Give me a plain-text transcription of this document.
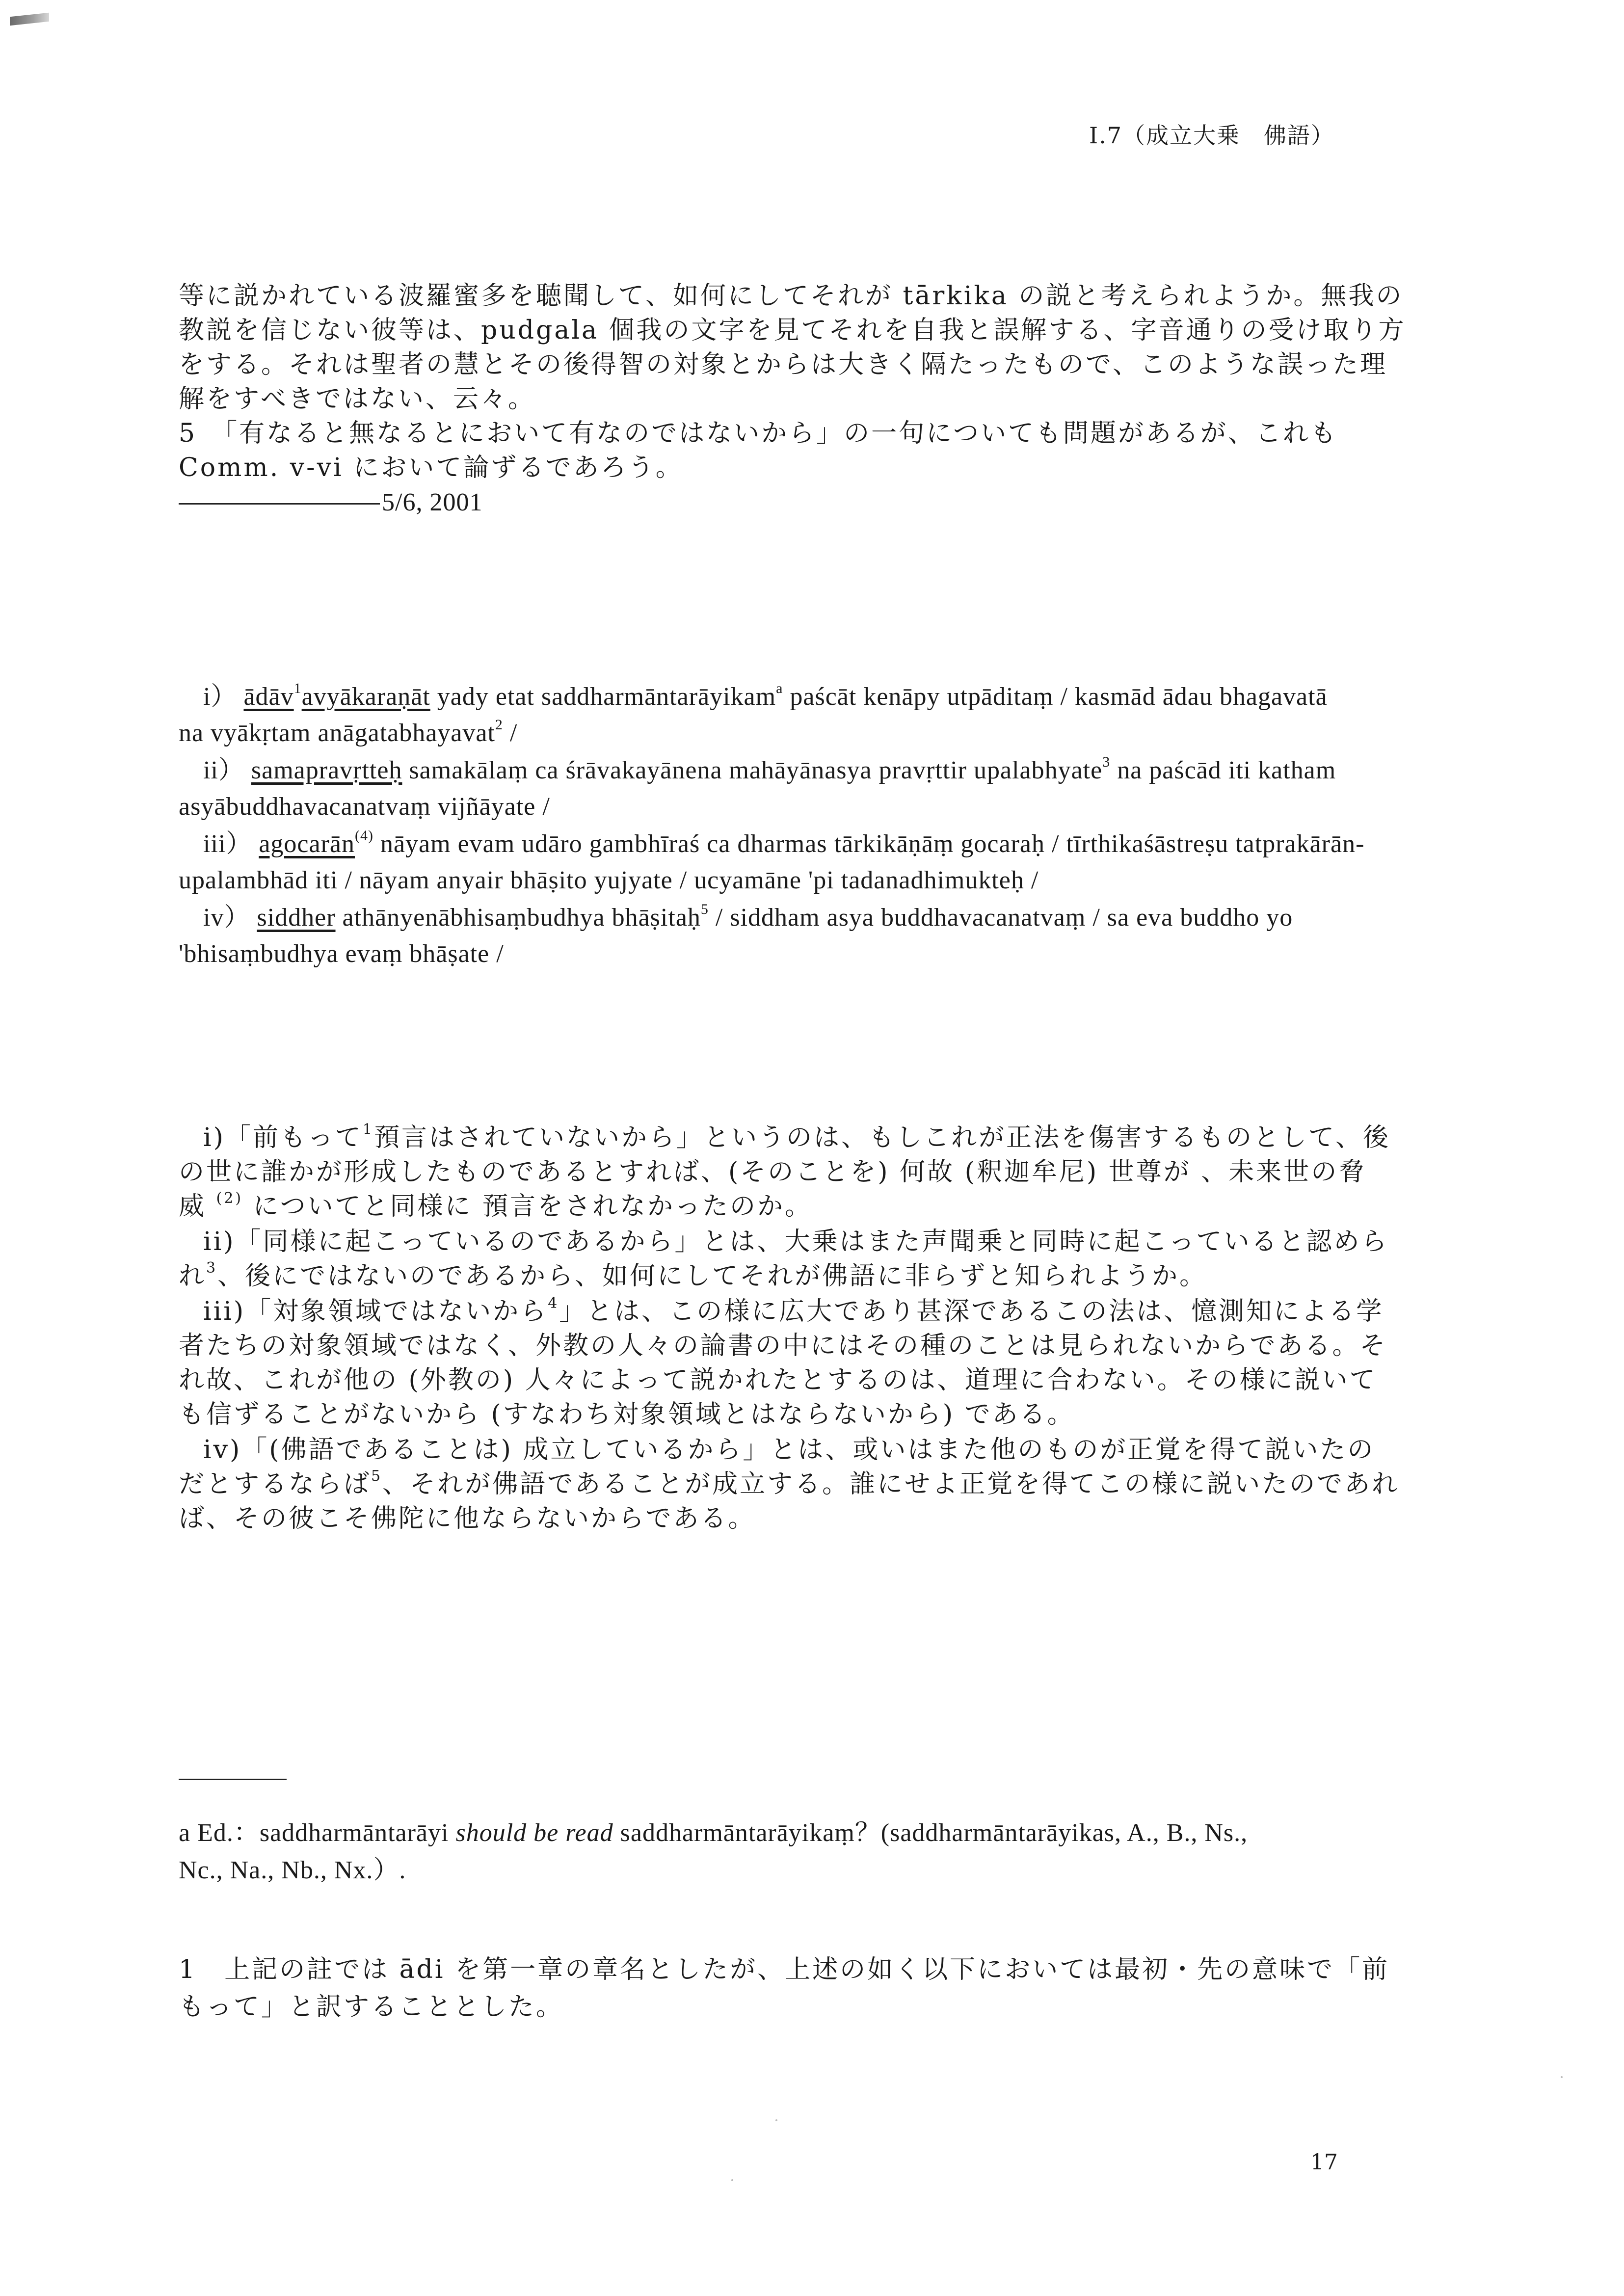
I.7（成立大乗　佛語）
等に説かれている波羅蜜多を聴聞して、如何にしてそれが tārkika の説と考えられようか。無我の
教説を信じない彼等は、pudgala 個我の文字を見てそれを自我と誤解する、字音通りの受け取り方
をする。それは聖者の慧とその後得智の対象とからは大きく隔たったもので、このような誤った理
解をすべきではない、云々。
5　「有なると無なるとにおいて有なのではないから」の一句についても問題があるが、これも
Comm. v-vi において論ずるであろう。
5/6, 2001
i） ādāv$^1$avyākaraṇāt yady etat saddharmāntarāyikam$^a$ paścāt kenāpy utpāditaṃ / kasmād ādau bhagavatā
na vyākṛtam anāgatabhayavat$^2$ /
ii） samapravṛtteḥ samakālaṃ ca śrāvakayānena mahāyānasya pravṛttir upalabhyate$^3$ na paścād iti katham
asyābuddhavacanatvaṃ vijñāyate /
iii） agocarān$^{(4)}$ nāyam evam udāro gambhīraś ca dharmas tārkikāṇāṃ gocaraḥ / tīrthikaśāstreṣu tatprakārān-
upalambhād iti / nāyam anyair bhāṣito yujyate / ucyamāne 'pi tadanadhimukteḥ /
iv） siddher athānyenābhisaṃbudhya bhāṣitaḥ$^5$ / siddham asya buddhavacanatvaṃ / sa eva buddho yo
'bhisaṃbudhya evaṃ bhāṣate /
i)「前もって$^1$預言はされていないから」というのは、もしこれが正法を傷害するものとして、後
の世に誰かが形成したものであるとすれば、(そのことを) 何故 (釈迦牟尼) 世尊が 、未来世の脅
威 $^{(2)}$ についてと同様に 預言をされなかったのか。
ii)「同様に起こっているのであるから」とは、大乗はまた声聞乗と同時に起こっていると認めら
れ$^3$、後にではないのであるから、如何にしてそれが佛語に非らずと知られようか。
iii)「対象領域ではないから$^4$」とは、この様に広大であり甚深であるこの法は、憶測知による学
者たちの対象領域ではなく、外教の人々の論書の中にはその種のことは見られないからである。そ
れ故、これが他の (外教の) 人々によって説かれたとするのは、道理に合わない。その様に説いて
も信ずることがないから (すなわち対象領域とはならないから) である。
iv)「(佛語であることは) 成立しているから」とは、或いはまた他のものが正覚を得て説いたの
だとするならば$^5$、それが佛語であることが成立する。誰にせよ正覚を得てこの様に説いたのであれ
ば、その彼こそ佛陀に他ならないからである。
a Ed.：saddharmāntarāyi should be read saddharmāntarāyikaṃ？(saddharmāntarāyikas, A., B., Ns.,
Nc., Na., Nb., Nx.）.
1　上記の註では ādi を第一章の章名としたが、上述の如く以下においては最初・先の意味で「前
もって」と訳することとした。
17
